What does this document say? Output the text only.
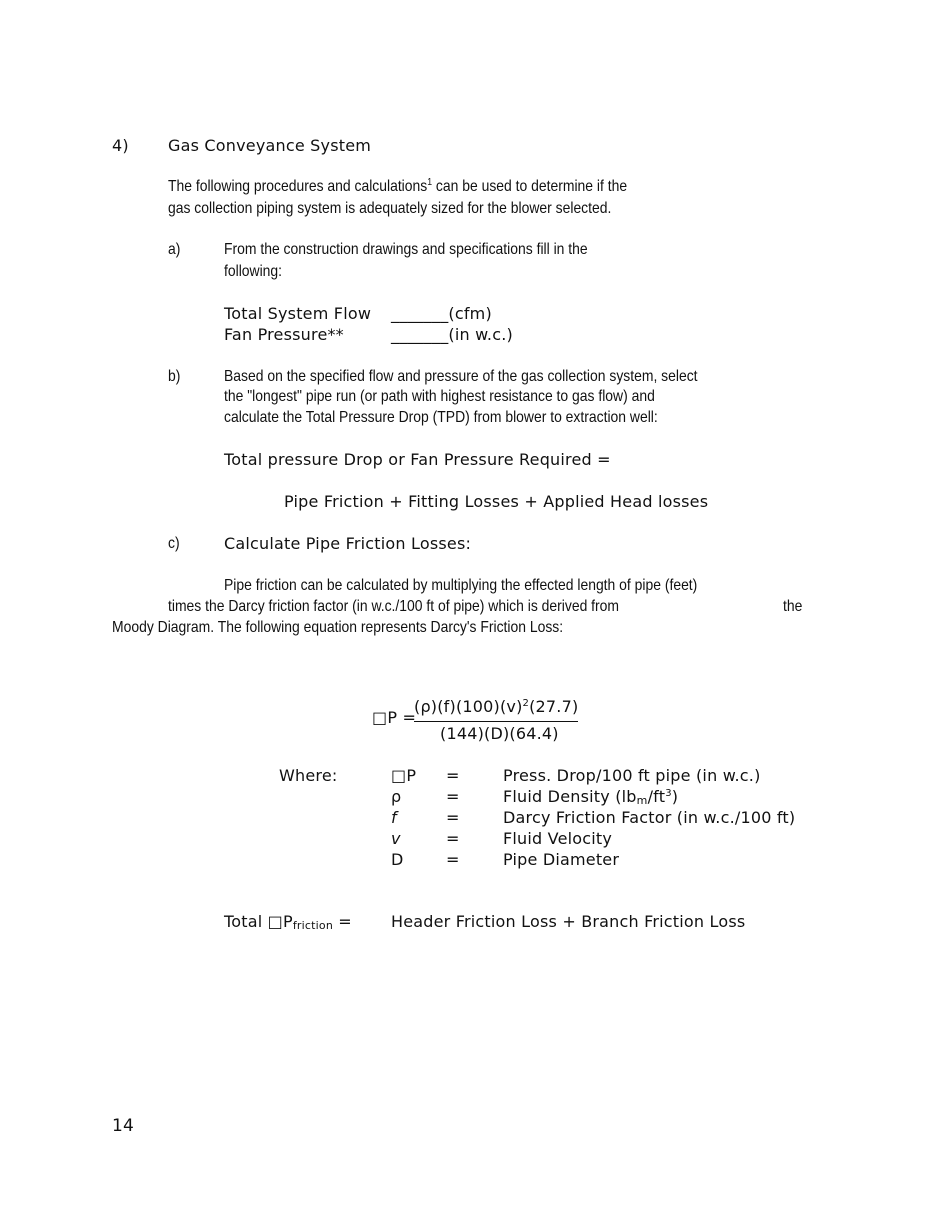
4) Gas Conveyance System
The following procedures and calculations$^1$ can be used to determine if the
gas collection piping system is adequately sized for the blower selected.
a)	From the construction drawings and specifications fill in the
following:
Total System Flow _______(cfm)
Fan Pressure**	_______(in w.c.)
b)	Based on the specified flow and pressure of the gas collection system, select
the "longest" pipe run (or path with highest resistance to gas flow) and
calculate the Total Pressure Drop (TPD) from blower to extraction well:
Total pressure Drop or Fan Pressure Required =
Pipe Friction + Fitting Losses + Applied Head losses
c)	Calculate Pipe Friction Losses:
Pipe friction can be calculated by multiplying the effected length of pipe (feet)
times the Darcy friction factor (in w.c./100 ft of pipe) which is derived from	the
Moody Diagram. The following equation represents Darcy's Friction Loss:
□P =
$(\rho)(f)(100)(v)^2(27.7)$
(144)(D)(64.4)
Where:	□P =	Press. Drop/100 ft pipe (in w.c.)
ρ	=	Fluid Density $(lb_m/ft^3)$
f	=	Darcy Friction Factor (in w.c./100 ft)
v	=	Fluid Velocity
D	=	Pipe Diameter
Total $□P_{friction}$ = Header Friction Loss + Branch Friction Loss
14
